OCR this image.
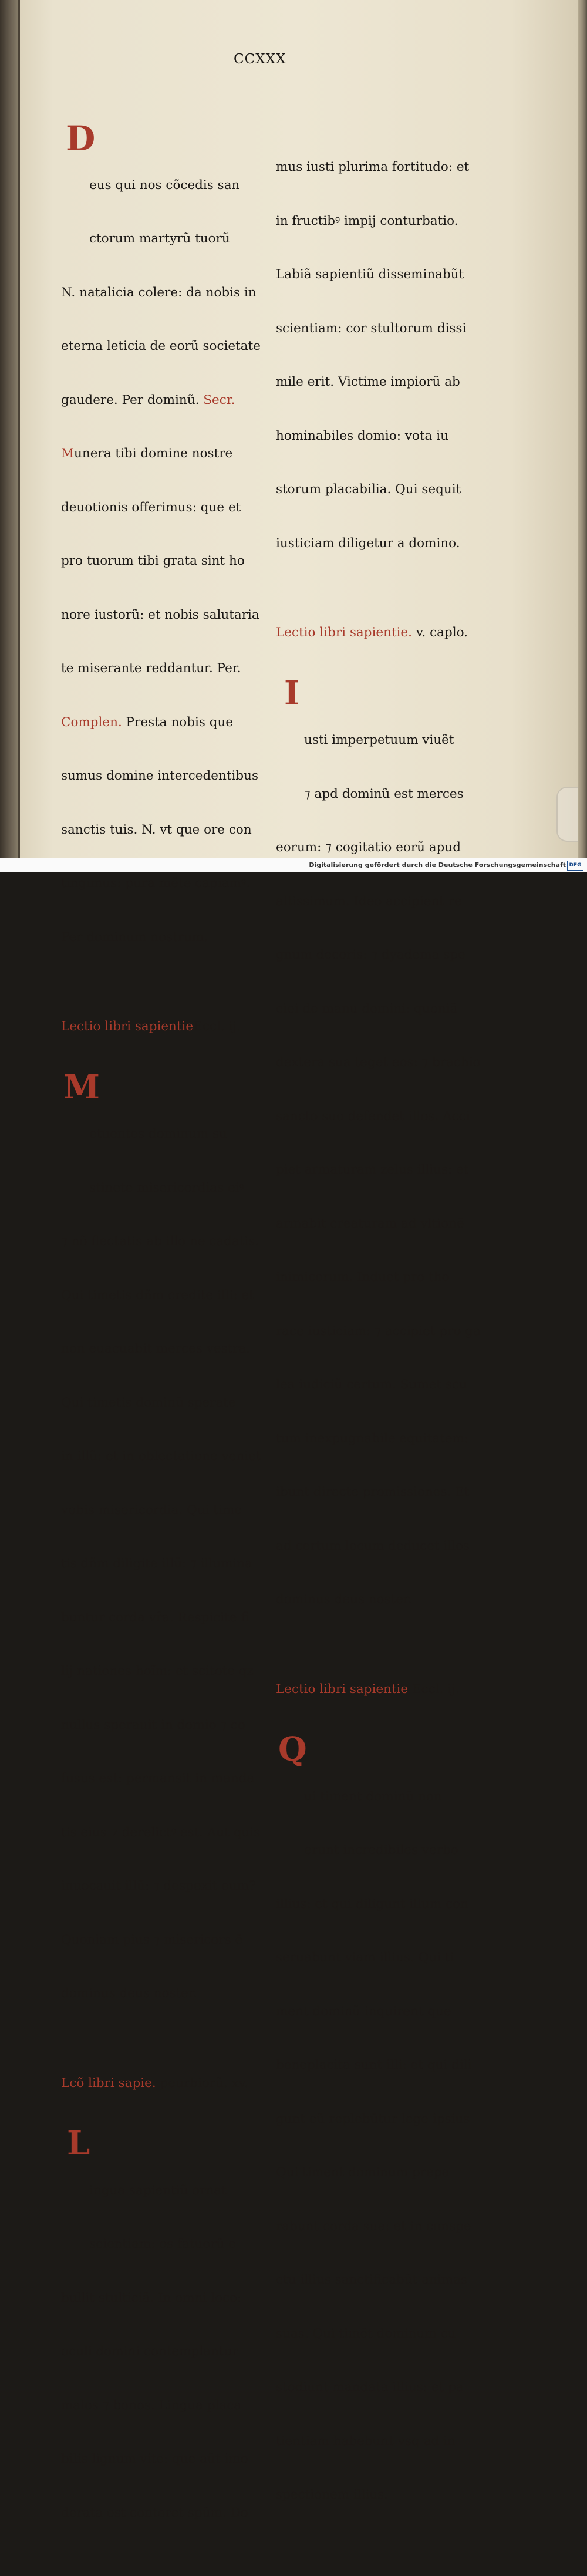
CCXXX

D

eus qui nos cõcedis san

ctorum martyrũ tuorũ

N. natalicia colere: da nobis in

eterna leticia de eorũ societate

gaudere. Per dominũ. Secr.

Munera tibi domine nostre

deuotionis offerimus: que et

pro tuorum tibi grata sint ho

nore iustorũ: et nobis salutaria

te miserante reddantur. Per.

Complen. Presta nobis que

sumus domine intercedentibus

sanctis tuis. N. vt que ore con

tingimus: pura mẽte capiamꝰ.

Per dominum nostrum.

Lectio libri sapientieEccl. ij.

M

etuentes dominum su

stinete misericordias eiꝰ

⁊ nõ flectatis ab illo ne cadatis.

Qui timetis dñm credite illi: et

non euacuabit merces vestra.

Qui timetis dominũ sperate

in illũ: et in oblectatione veniet

vobis misericordia. Qui time

tis dñm diligite illũ: ⁊ illumina

buntur corda vr̃a. Respicite fi

lij nationes hoĩm: et scitote qz

nullus sperauit in domio ⁊ co

fusus est: permansit in manda

tis eius ⁊ derelictꝰ est. Aut quis

inuocauit illũ: ⁊ despexit eum?

Quoniam pius ⁊ misericors ẽ

dominus deus noster.

Lcõ libri sapie. peurbiorũ. xv.

L

ingua sapientiũ ornat

scientiam: os fatuorũ e

bullit stulticiã. In omni loco:

oculi domini contemplantur

malos ⁊ bonos. Lingua placa

bilis lignum vite: que aũt imo

derata est conteret spũm. Do

mus iusti plurima fortitudo: et

in fructibꝰ impij conturbatio.

Labiã sapientiũ disseminabũt

scientiam: cor stultorum dissi

mile erit. Victime impiorũ ab

hominabiles domio: vota iu

storum placabilia. Qui sequit

iusticiam diligetur a domino.

Lectio libri sapientie. v. caplo.

I

usti imperpetuum viuẽt

⁊ apd dominũ est merces

eorum: ⁊ cogitatio eorũ apud

altissimum. Ideo accipient re

gnum decoris: ⁊ dyadema spe

ciei de manu domini: quoniã

dextera sua teget eos: ⁊ brachio

sancto suo defendet illos. Acci

piet armaturam zelus illius: et

armabit creaturam ad vltionẽ

inimicorum. Induet pro tho

race iusticiam: ⁊ accipiet pro ga

lea iudiciũ certum. Sumet scu

tum inexpugnabile equitatem:

ibunt directe promissiones. Et

ad certum locum deducet illos

dominus deus noster.

Lectio libri sapientie Eccl. ij.

Q

ui timent dominũ non

erunt incredibiles verbo

illius: et qui diligunt illum con

seruabunt viam illius. Qui ti

ment dominũ inquirent que

beneplacita sunt illi: et qui dili

gunt eũ replebũtur lege ipsius

Qui timent dominum prepa

rabunt corda sua: et in conspe

ctu illius sanctificabũt animas

suas. Qui timẽt dominum cu

stodiunt mandata illius: et pa

tientiam habebunt vsq ad in

spectionem illius.

Digitalisierung gefördert durch die Deutsche Forschungsgemeinschaft DFG
